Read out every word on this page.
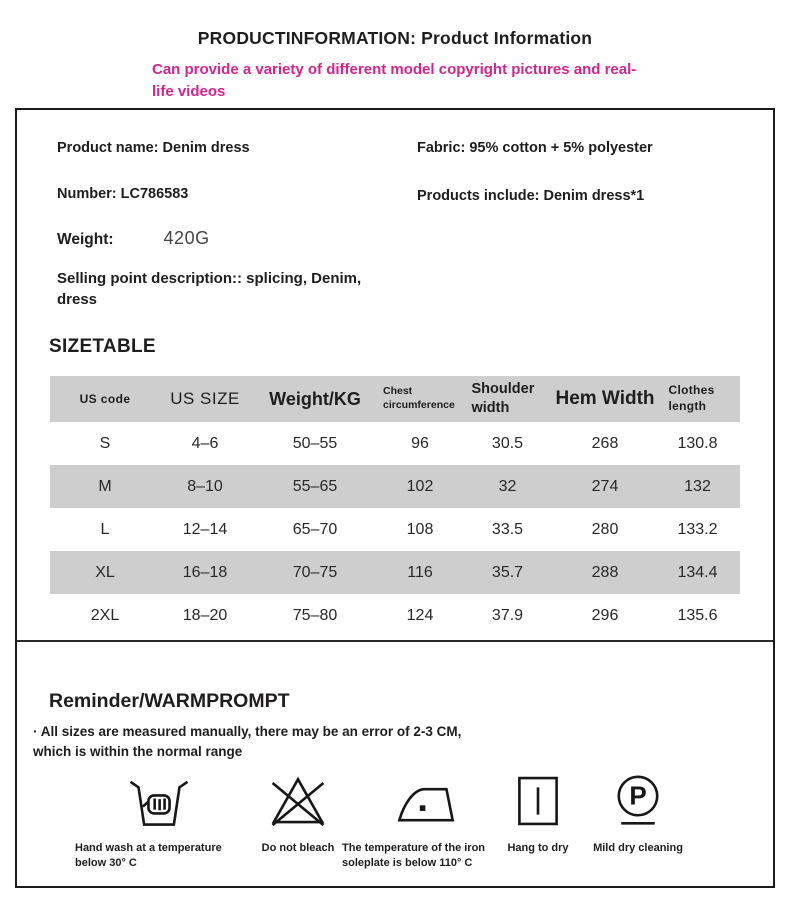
PRODUCTINFORMATION: Product Information
Can provide a variety of different model copyright pictures and real-life videos
Product name: Denim dress	Fabric: 95% cotton + 5% polyester
Number: LC786583	Products include: Denim dress*1
Weight:	420G
Selling point description:: splicing, Denim, dress
SIZETABLE
US code	US SIZE	Weight/KG	Chest circumference	Shoulder width	Hem Width	Clothes length
S	4–6	50–55	96	30.5	268	130.8
M	8–10	55–65	102	32	274	132
L	12–14	65–70	108	33.5	280	133.2
XL	16–18	70–75	116	35.7	288	134.4
2XL	18–20	75–80	124	37.9	296	135.6
Reminder/WARMPROMPT
· All sizes are measured manually, there may be an error of 2-3 CM, which is within the normal range
Hand wash at a temperature below 30° C
Do not bleach The temperature of the iron soleplate is below 110° C
Hang to dry
P
Mild dry cleaning
